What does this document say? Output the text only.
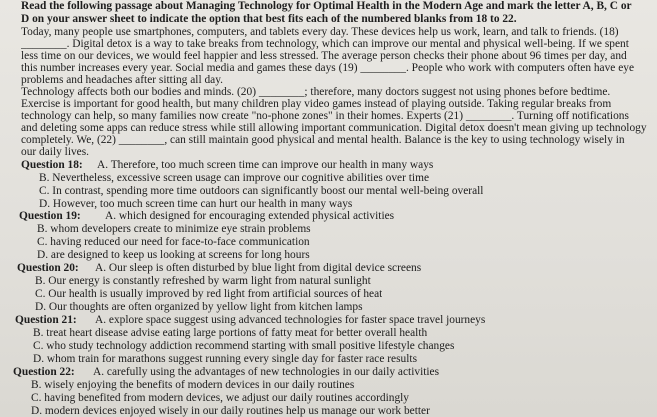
Read the following passage about Managing Technology for Optimal Health in the Modern Age and mark the letter A, B, C or
D on your answer sheet to indicate the option that best fits each of the numbered blanks from 18 to 22.
Today, many people use smartphones, computers, and tablets every day. These devices help us work, learn, and talk to friends. (18)
________. Digital detox is a way to take breaks from technology, which can improve our mental and physical well-being. If we spent
less time on our devices, we would feel happier and less stressed. The average person checks their phone about 96 times per day, and
this number increases every year. Social media and games these days (19) ________. People who work with computers often have eye
problems and headaches after sitting all day.
Technology affects both our bodies and minds. (20) ________; therefore, many doctors suggest not using phones before bedtime.
Exercise is important for good health, but many children play video games instead of playing outside. Taking regular breaks from
technology can help, so many families now create "no-phone zones" in their homes. Experts (21) ________. Turning off notifications
and deleting some apps can reduce stress while still allowing important communication. Digital detox doesn't mean giving up technology
completely. We, (22) ________, can still maintain good physical and mental health. Balance is the key to using technology wisely in
our daily lives.
Question 18: A. Therefore, too much screen time can improve our health in many ways
B. Nevertheless, excessive screen usage can improve our cognitive abilities over time
C. In contrast, spending more time outdoors can significantly boost our mental well-being overall
D. However, too much screen time can hurt our health in many ways
Question 19: A. which designed for encouraging extended physical activities
B. whom developers create to minimize eye strain problems
C. having reduced our need for face-to-face communication
D. are designed to keep us looking at screens for long hours
Question 20: A. Our sleep is often disturbed by blue light from digital device screens
B. Our energy is constantly refreshed by warm light from natural sunlight
C. Our health is usually improved by red light from artificial sources of heat
D. Our thoughts are often organized by yellow light from kitchen lamps
Question 21: A. explore space suggest using advanced technologies for faster space travel journeys
B. treat heart disease advise eating large portions of fatty meat for better overall health
C. who study technology addiction recommend starting with small positive lifestyle changes
D. whom train for marathons suggest running every single day for faster race results
Question 22: A. carefully using the advantages of new technologies in our daily activities
B. wisely enjoying the benefits of modern devices in our daily routines
C. having benefited from modern devices, we adjust our daily routines accordingly
D. modern devices enjoyed wisely in our daily routines help us manage our work better
